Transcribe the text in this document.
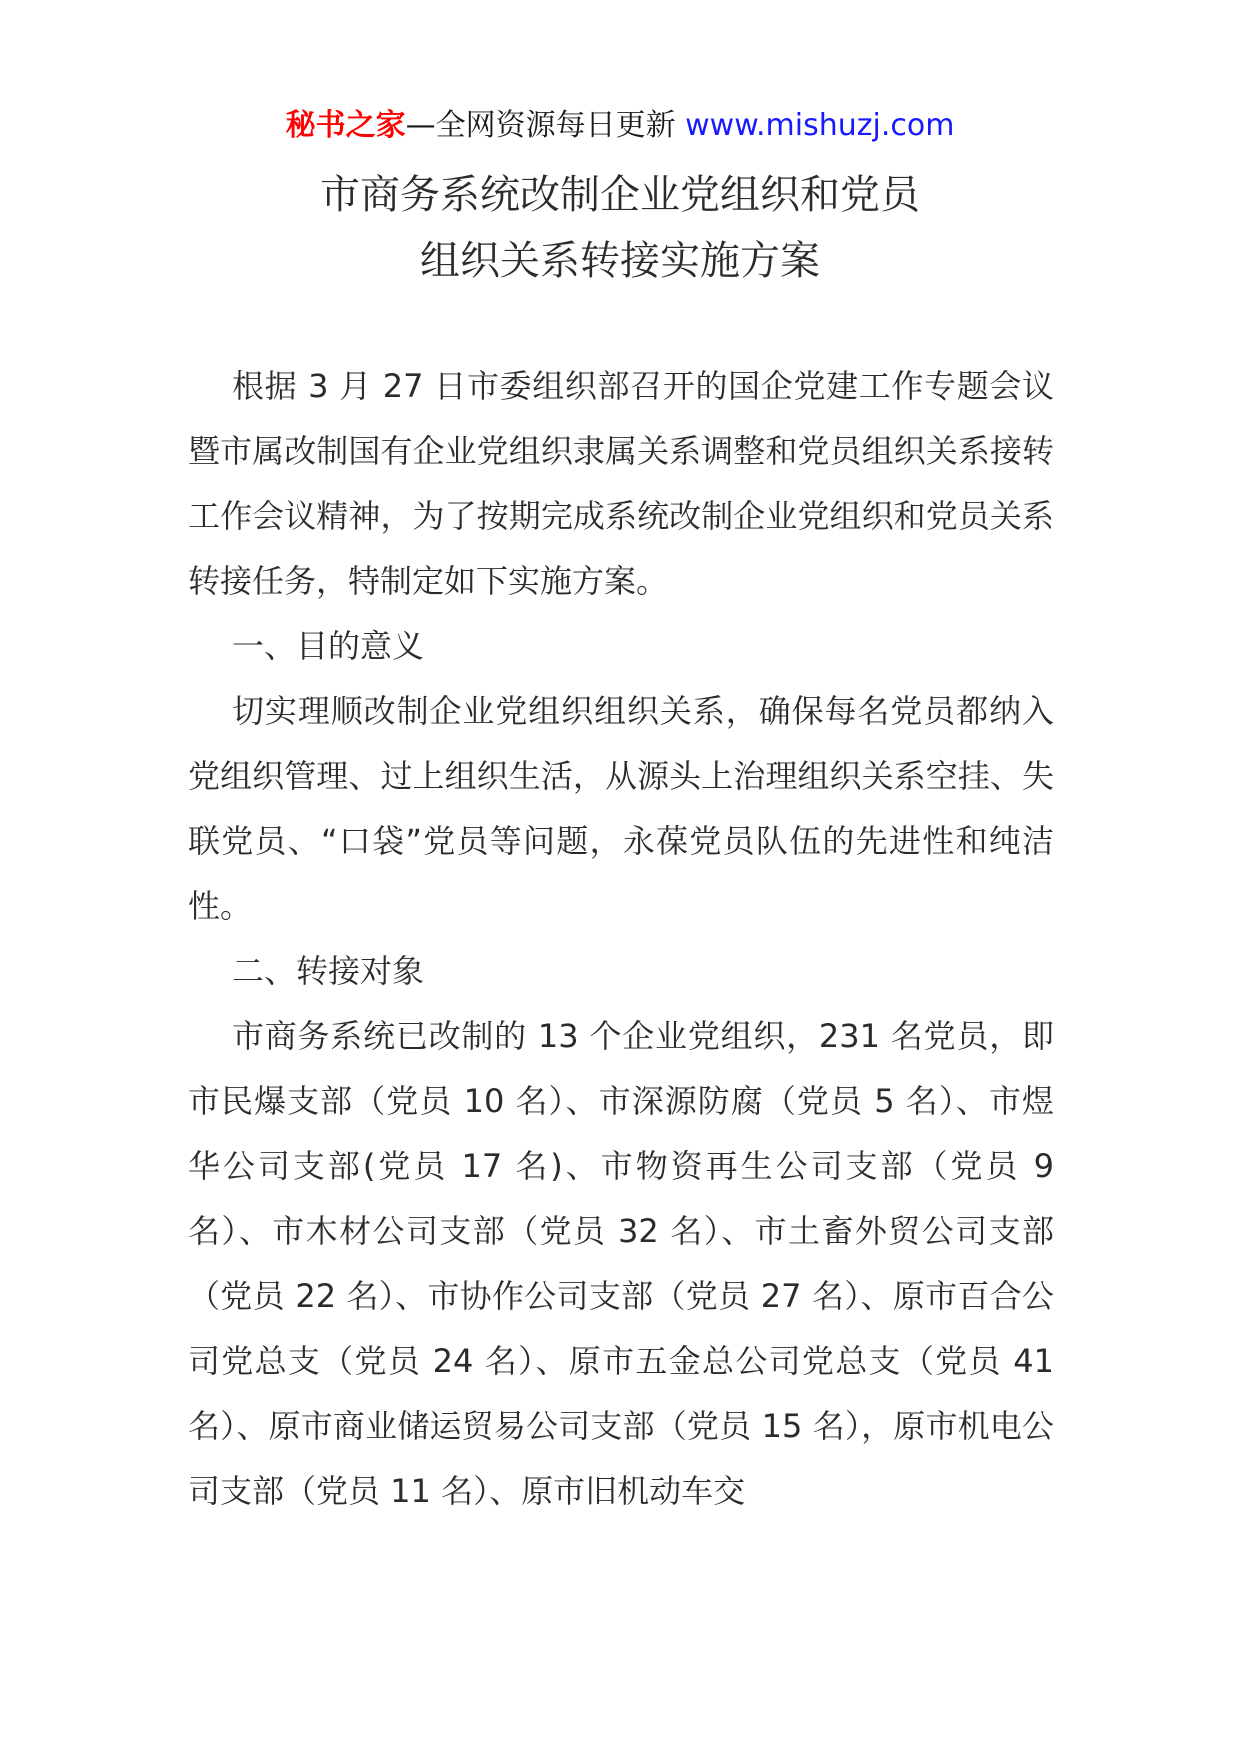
秘书之家—全网资源每日更新 www.mishuzj.com
市商务系统改制企业党组织和党员
组织关系转接实施方案

根据 3 月 27 日市委组织部召开的国企党建工作专题会议暨市属改制国有企业党组织隶属关系调整和党员组织关系接转工作会议精神，为了按期完成系统改制企业党组织和党员关系转接任务，特制定如下实施方案。

一、目的意义

切实理顺改制企业党组织组织关系，确保每名党员都纳入党组织管理、过上组织生活，从源头上治理组织关系空挂、失联党员、“口袋”党员等问题，永葆党员队伍的先进性和纯洁性。

二、转接对象

市商务系统已改制的 13 个企业党组织，231 名党员，即市民爆支部（党员 10 名）、市深源防腐（党员 5 名）、市煜华公司支部(党员 17 名)、市物资再生公司支部（党员 9 名）、市木材公司支部（党员 32 名）、市土畜外贸公司支部（党员 22 名）、市协作公司支部（党员 27 名）、原市百合公司党总支（党员 24 名）、原市五金总公司党总支（党员 41 名）、原市商业储运贸易公司支部（党员 15 名），原市机电公司支部（党员 11 名）、原市旧机动车交
